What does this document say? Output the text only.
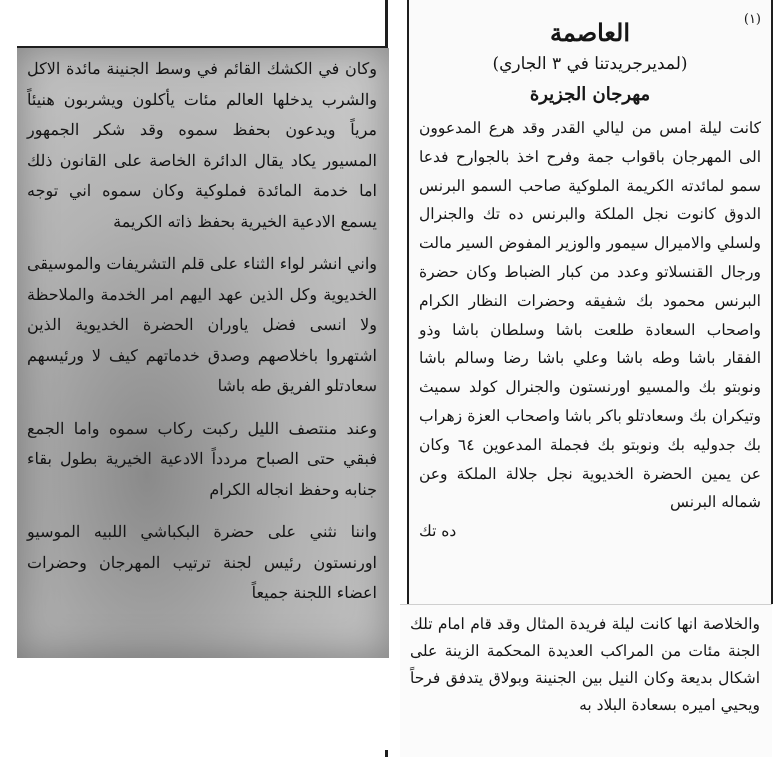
وكان في الكشك القائم في وسط الجنينة مائدة الاكل والشرب يدخلها العالم مئات يأكلون ويشربون هنيئاً مرياً ويدعون بحفظ سموه وقد شكر الجمهور المسيور يكاد يقال الدائرة الخاصة على القانون ذلك اما خدمة المائدة فملوكية وكان سموه اني توجه يسمع الادعية الخيرية بحفظ ذاته الكريمة

واني انشر لواء الثناء على قلم التشريفات والموسيقى الخديوية وكل الذين عهد اليهم امر الخدمة والملاحظة ولا انسى فضل ياوران الحضرة الخديوية الذين اشتهروا باخلاصهم وصدق خدماتهم كيف لا ورئيسهم سعادتلو الفريق طه باشا

وعند منتصف الليل ركبت ركاب سموه واما الجمع فبقي حتى الصباح مردداً الادعية الخيرية بطول بقاء جنابه وحفظ انجاله الكرام

واننا نثني على حضرة البكباشي اللبيه الموسيو اورنستون رئيس لجنة ترتيب المهرجان وحضرات اعضاء اللجنة جميعاً

(١)
العاصمة

(لمديرجريدتنا في ٣ الجاري)

مهرجان الجزيرة

كانت ليلة امس من ليالي القدر وقد هرع المدعوون الى المهرجان باقواب جمة وفرح اخذ بالجوارح فدعا سمو لمائدته الكريمة الملوكية صاحب السمو البرنس الدوق كانوت نجل الملكة والبرنس ده تك والجنرال ولسلي والاميرال سيمور والوزير المفوض السير مالت ورجال القنسلاتو وعدد من كبار الضباط وكان حضرة البرنس محمود بك شفيقه وحضرات النظار الكرام واصحاب السعادة طلعت باشا وسلطان باشا وذو الفقار باشا وطه باشا وعلي باشا رضا وسالم باشا ونوبتو بك والمسيو اورنستون والجنرال كولد سميث وتيكران بك وسعادتلو باكر باشا واصحاب العزة زهراب بك جدوليه بك ونوبتو بك فجملة المدعوين ٦٤ وكان عن يمين الحضرة الخديوية نجل جلالة الملكة وعن شماله البرنس

ده تك

والخلاصة انها كانت ليلة فريدة المثال وقد قام امام تلك الجنة مئات من المراكب العديدة المحكمة الزينة على اشكال بديعة وكان النيل بين الجنينة وبولاق يتدفق فرحاً ويحيي اميره بسعادة البلاد به
